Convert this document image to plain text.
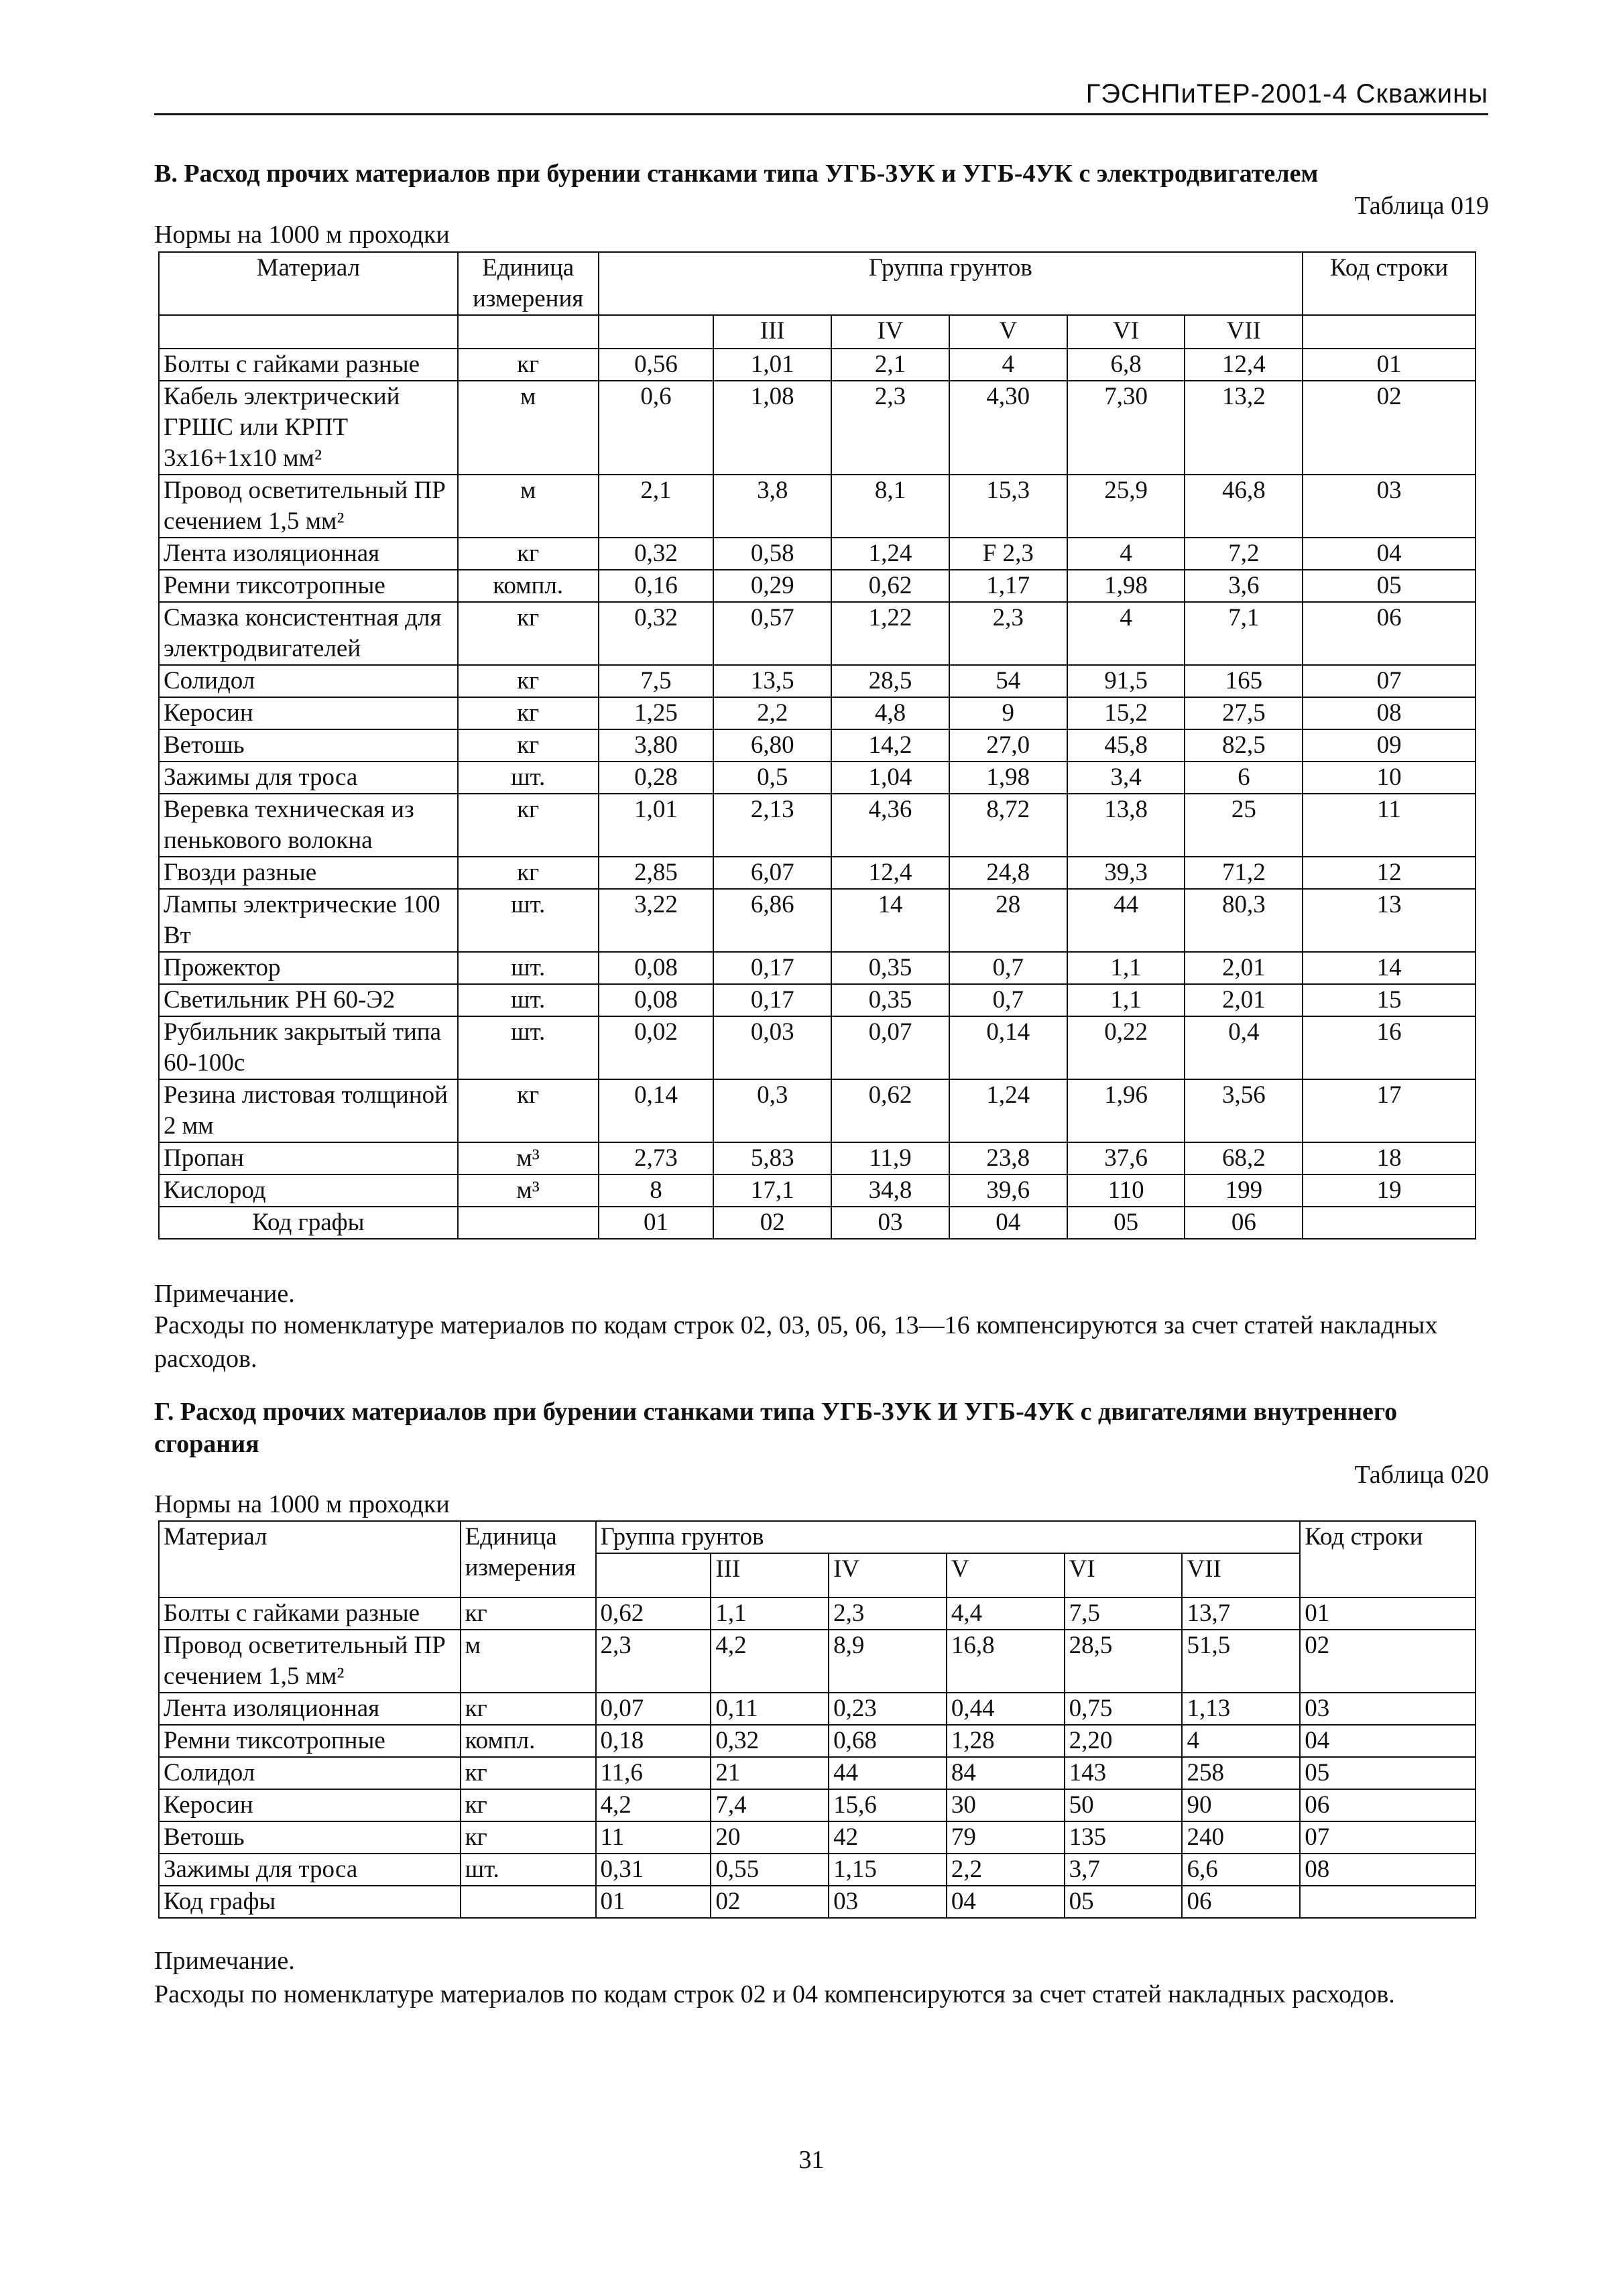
ГЭСНПиТЕР-2001-4 Скважины
В. Расход прочих материалов при бурении станками типа УГБ-3УК и УГБ-4УК с электродвигателем
Таблица 019
Нормы на 1000 м проходки
Материал	Единица измерения	Группа грунтов						Код строки
			III	IV	V	VI	VII	
Болты с гайками разные	кг	0,56	1,01	2,1	4	6,8	12,4	01
Кабель электрический ГРШС или КРПТ 3х16+1х10 мм²	м	0,6	1,08	2,3	4,30	7,30	13,2	02
Провод осветительный ПР сечением 1,5 мм²	м	2,1	3,8	8,1	15,3	25,9	46,8	03
Лента изоляционная	кг	0,32	0,58	1,24	F 2,3	4	7,2	04
Ремни тиксотропные	компл.	0,16	0,29	0,62	1,17	1,98	3,6	05
Смазка консистентная для электродвигателей	кг	0,32	0,57	1,22	2,3	4	7,1	06
Солидол	кг	7,5	13,5	28,5	54	91,5	165	07
Керосин	кг	1,25	2,2	4,8	9	15,2	27,5	08
Ветошь	кг	3,80	6,80	14,2	27,0	45,8	82,5	09
Зажимы для троса	шт.	0,28	0,5	1,04	1,98	3,4	6	10
Веревка техническая из пенькового волокна	кг	1,01	2,13	4,36	8,72	13,8	25	11
Гвозди разные	кг	2,85	6,07	12,4	24,8	39,3	71,2	12
Лампы электрические 100 Вт	шт.	3,22	6,86	14	28	44	80,3	13
Прожектор	шт.	0,08	0,17	0,35	0,7	1,1	2,01	14
Светильник РН 60-Э2	шт.	0,08	0,17	0,35	0,7	1,1	2,01	15
Рубильник закрытый типа 60-100с	шт.	0,02	0,03	0,07	0,14	0,22	0,4	16
Резина листовая толщиной 2 мм	кг	0,14	0,3	0,62	1,24	1,96	3,56	17
Пропан	м³	2,73	5,83	11,9	23,8	37,6	68,2	18
Кислород	м³	8	17,1	34,8	39,6	110	199	19
Код графы		01	02	03	04	05	06	
Примечание.
Расходы по номенклатуре материалов по кодам строк 02, 03, 05, 06, 13—16 компенсируются за счет статей накладных расходов.
Г. Расход прочих материалов при бурении станками типа УГБ-3УК И УГБ-4УК с двигателями внутреннего сгорания
Таблица 020
Нормы на 1000 м проходки
Материал	Единица измерения	Группа грунтов						Код строки
			III	IV	V	VI	VII	
Болты с гайками разные	кг	0,62	1,1	2,3	4,4	7,5	13,7	01
Провод осветительный ПР сечением 1,5 мм²	м	2,3	4,2	8,9	16,8	28,5	51,5	02
Лента изоляционная	кг	0,07	0,11	0,23	0,44	0,75	1,13	03
Ремни тиксотропные	компл.	0,18	0,32	0,68	1,28	2,20	4	04
Солидол	кг	11,6	21	44	84	143	258	05
Керосин	кг	4,2	7,4	15,6	30	50	90	06
Ветошь	кг	11	20	42	79	135	240	07
Зажимы для троса	шт.	0,31	0,55	1,15	2,2	3,7	6,6	08
Код графы		01	02	03	04	05	06	
Примечание.
Расходы по номенклатуре материалов по кодам строк 02 и 04 компенсируются за счет статей накладных расходов.
31
